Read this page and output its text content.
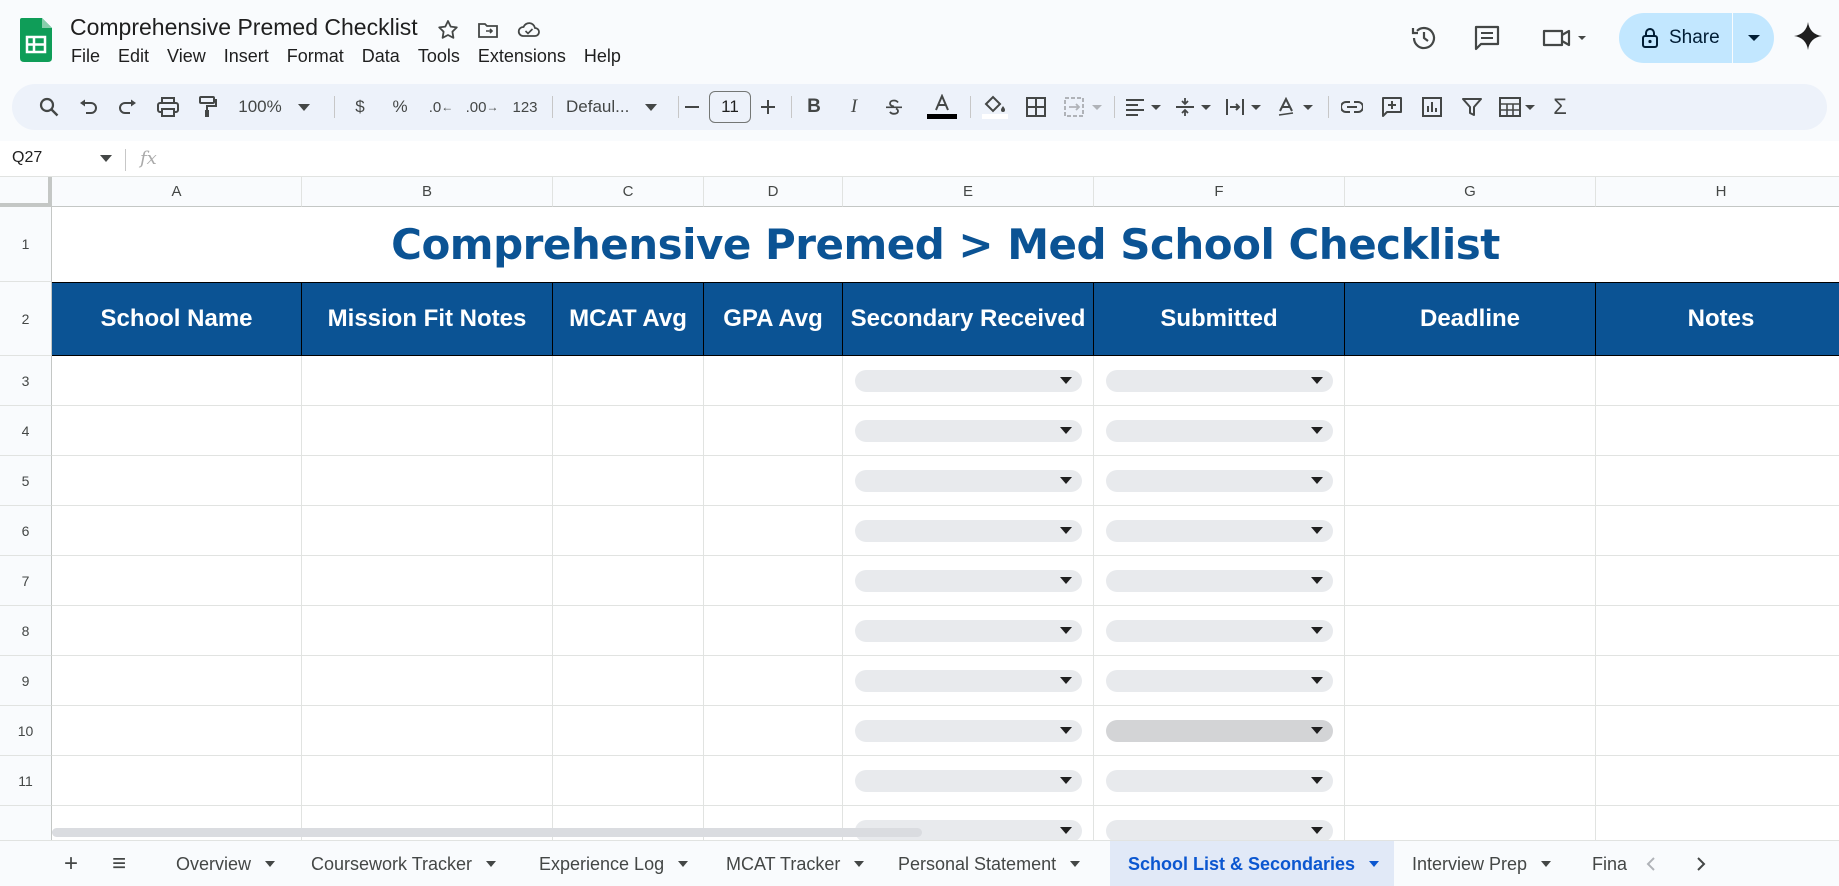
Comprehensive Premed Checklist
File	Edit	View	Insert	Format	Data	Tools	Extensions	Help
Share
100%	$ % .0 ← .00 → 123 Defaul...	11	B I	Σ
Q27	fx
A	B	C	D	E	F	G	H
1
2
3
4
5
6
7
8
9
10
11
Comprehensive Premed > Med School Checklist
School Name	Mission Fit Notes	MCAT Avg	GPA Avg	Secondary Received	Submitted	Deadline	Notes
+ ≡	Overview	Coursework Tracker	Experience Log	MCAT Tracker	Personal Statement	School List & Secondaries	Interview Prep	Fina
